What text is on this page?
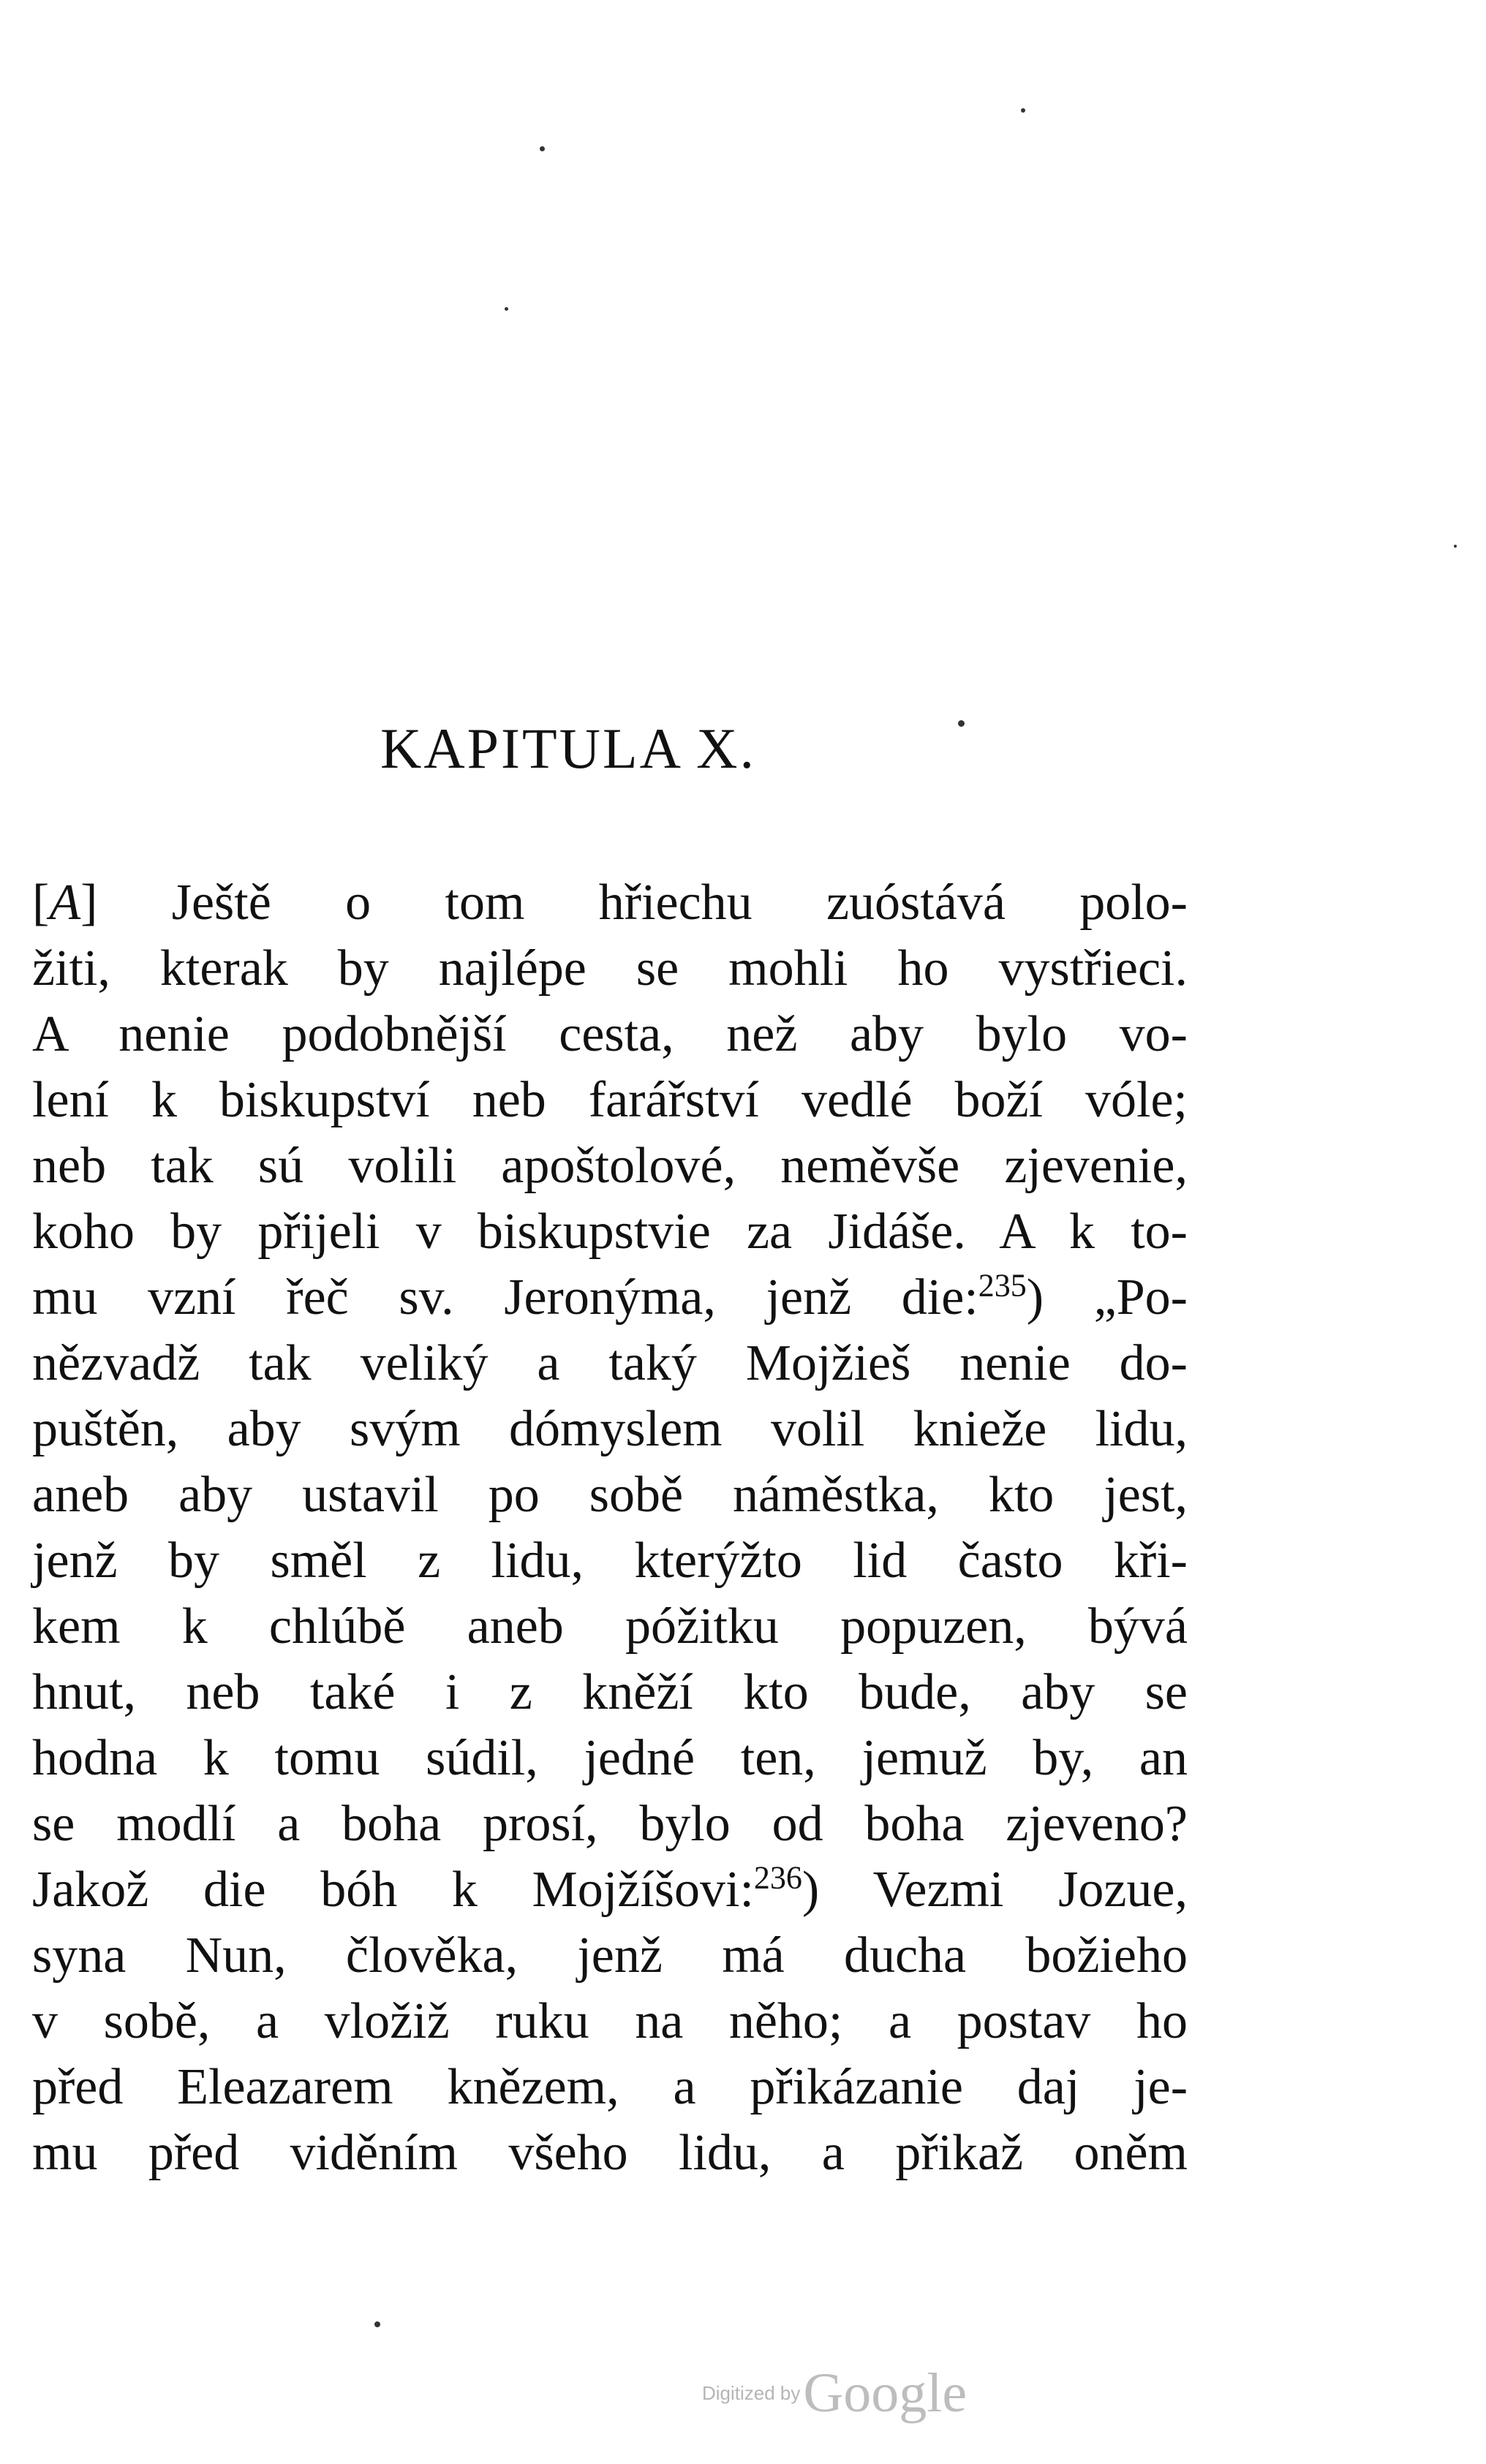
KAPITULA X.
[A] Ještě o tom hřiechu zuóstává polo-
žiti, kterak by najlépe se mohli ho vystřieci.
A nenie podobnější cesta, než aby bylo vo-
lení k biskupství neb farářství vedlé boží vóle;
neb tak sú volili apoštolové, neměvše zjevenie,
koho by přijeli v biskupstvie za Jidáše. A k to-
mu vzní řeč sv. Jeronýma, jenž die:$^{235}$) „Po-
nězvadž tak veliký a taký Mojžieš nenie do-
puštěn, aby svým dómyslem volil knieže lidu,
aneb aby ustavil po sobě náměstka, kto jest,
jenž by směl z lidu, kterýžto lid často kři-
kem k chlúbě aneb póžitku popuzen, bývá
hnut, neb také i z kněží kto bude, aby se
hodna k tomu súdil, jedné ten, jemuž by, an
se modlí a boha prosí, bylo od boha zjeveno?
Jakož die bóh k Mojžíšovi:$^{236}$) Vezmi Jozue,
syna Nun, člověka, jenž má ducha božieho
v sobě, a vložiž ruku na něho; a postav ho
před Eleazarem knězem, a přikázanie daj je-
mu před viděním všeho lidu, a přikaž oněm
Digitized by Google
